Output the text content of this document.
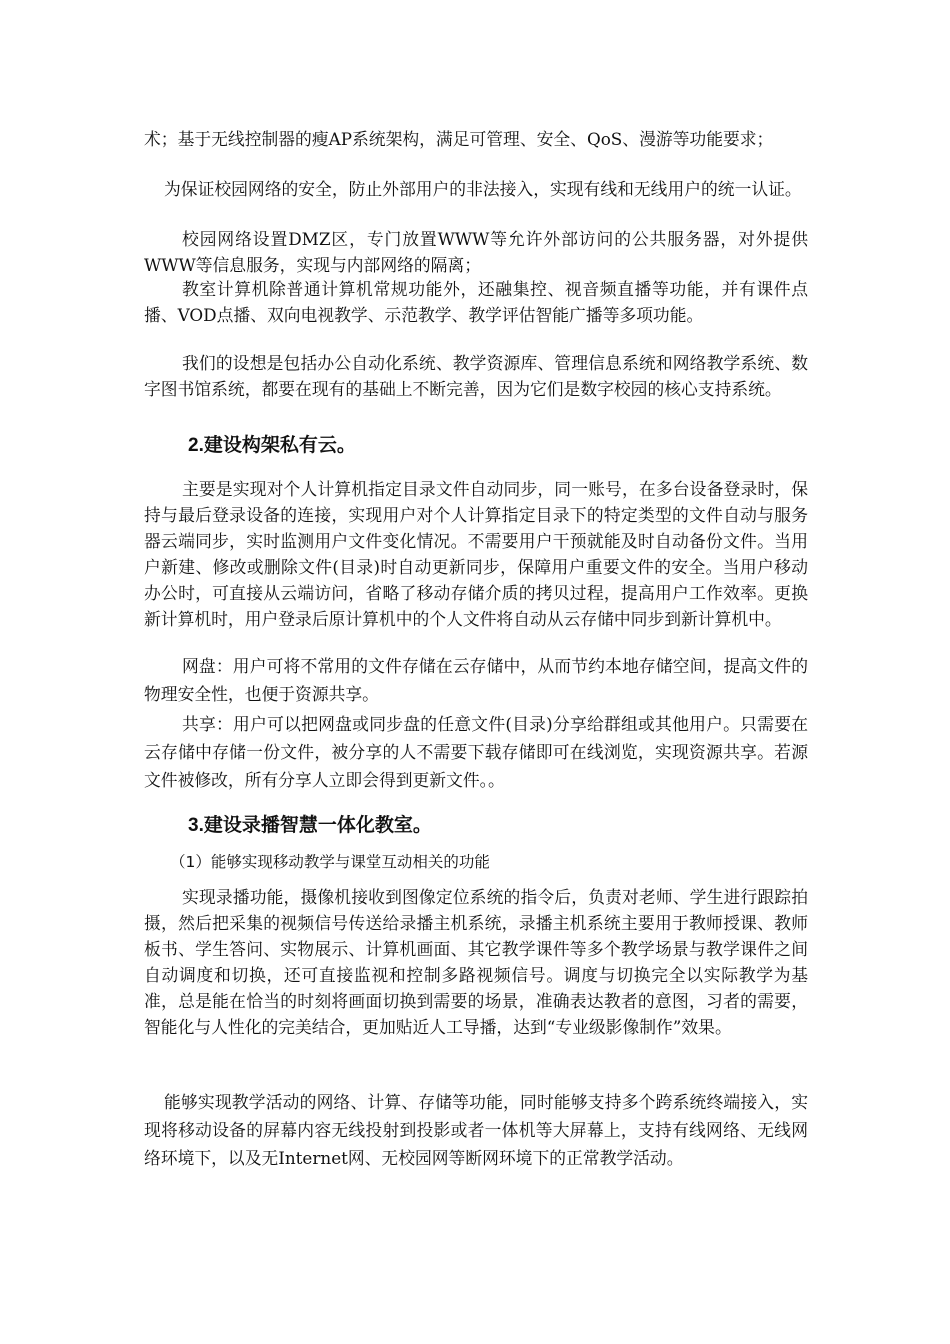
术；基于无线控制器的瘦AP系统架构，满足可管理、安全、QoS、漫游等功能要求；

为保证校园网络的安全，防止外部用户的非法接入，实现有线和无线用户的统一认证。

校园网络设置DMZ区，专门放置WWW等允许外部访问的公共服务器，对外提供WWW等信息服务，实现与内部网络的隔离；

教室计算机除普通计算机常规功能外，还融集控、视音频直播等功能，并有课件点播、VOD点播、双向电视教学、示范教学、教学评估智能广播等多项功能。

我们的设想是包括办公自动化系统、教学资源库、管理信息系统和网络教学系统、数字图书馆系统，都要在现有的基础上不断完善，因为它们是数字校园的核心支持系统。

2.建设构架私有云。

主要是实现对个人计算机指定目录文件自动同步，同一账号，在多台设备登录时，保持与最后登录设备的连接，实现用户对个人计算指定目录下的特定类型的文件自动与服务器云端同步，实时监测用户文件变化情况。不需要用户干预就能及时自动备份文件。当用户新建、修改或删除文件(目录)时自动更新同步，保障用户重要文件的安全。当用户移动办公时，可直接从云端访问，省略了移动存储介质的拷贝过程，提高用户工作效率。更换新计算机时，用户登录后原计算机中的个人文件将自动从云存储中同步到新计算机中。

网盘：用户可将不常用的文件存储在云存储中，从而节约本地存储空间，提高文件的物理安全性，也便于资源共享。

共享：用户可以把网盘或同步盘的任意文件(目录)分享给群组或其他用户。只需要在云存储中存储一份文件，被分享的人不需要下载存储即可在线浏览，实现资源共享。若源文件被修改，所有分享人立即会得到更新文件。。

3.建设录播智慧一体化教室。

（1）能够实现移动教学与课堂互动相关的功能

实现录播功能，摄像机接收到图像定位系统的指令后，负责对老师、学生进行跟踪拍摄，然后把采集的视频信号传送给录播主机系统，录播主机系统主要用于教师授课、教师板书、学生答问、实物展示、计算机画面、其它教学课件等多个教学场景与教学课件之间自动调度和切换，还可直接监视和控制多路视频信号。调度与切换完全以实际教学为基准，总是能在恰当的时刻将画面切换到需要的场景，准确表达教者的意图，习者的需要，智能化与人性化的完美结合，更加贴近人工导播，达到“专业级影像制作”效果。

能够实现教学活动的网络、计算、存储等功能，同时能够支持多个跨系统终端接入，实现将移动设备的屏幕内容无线投射到投影或者一体机等大屏幕上，支持有线网络、无线网络环境下，以及无Internet网、无校园网等断网环境下的正常教学活动。
